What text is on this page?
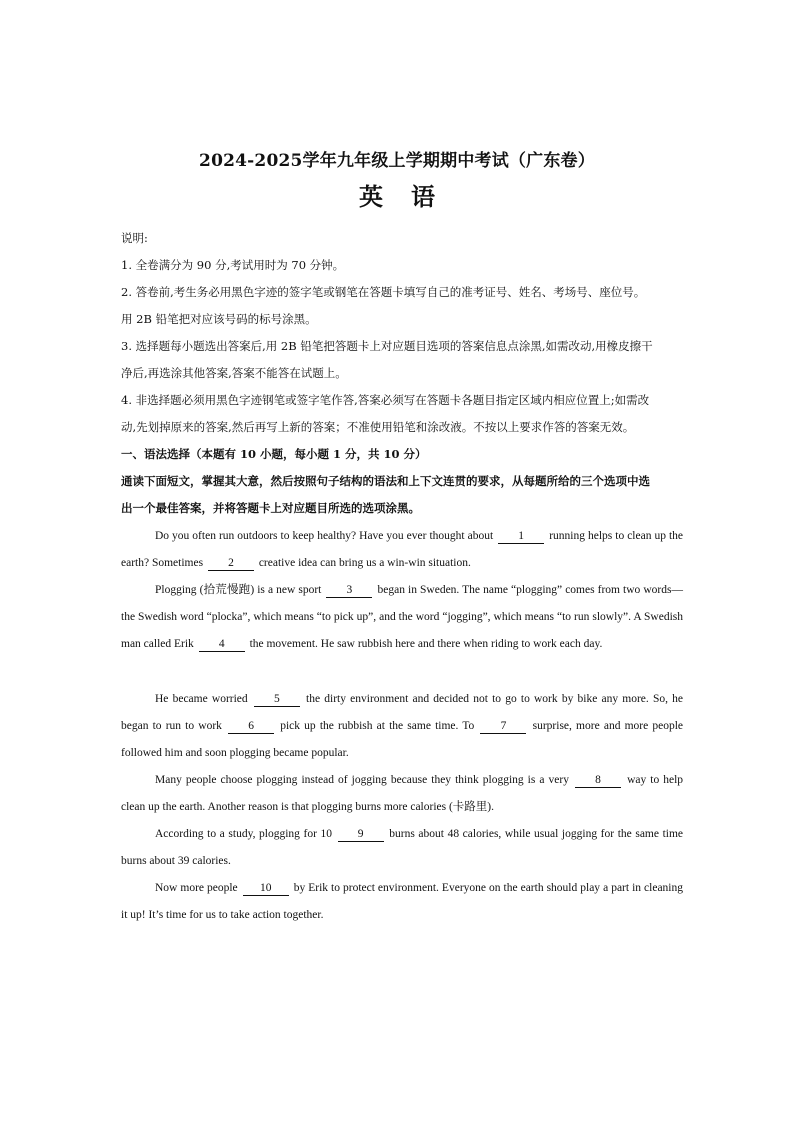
2024-2025学年九年级上学期期中考试（广东卷）
英语
说明:
1. 全卷满分为 90 分,考试用时为 70 分钟。
2. 答卷前,考生务必用黑色字迹的签字笔或钢笔在答题卡填写自己的准考证号、姓名、考场号、座位号。
用 2B 铅笔把对应该号码的标号涂黑。
3. 选择题每小题选出答案后,用 2B 铅笔把答题卡上对应题目选项的答案信息点涂黑,如需改动,用橡皮擦干
净后,再选涂其他答案,答案不能答在试题上。
4. 非选择题必须用黑色字迹钢笔或签字笔作答,答案必须写在答题卡各题目指定区域内相应位置上;如需改
动,先划掉原来的答案,然后再写上新的答案；不准使用铅笔和涂改液。不按以上要求作答的答案无效。
一、语法选择（本题有 10 小题，每小题 1 分，共 10 分）
通读下面短文，掌握其大意，然后按照句子结构的语法和上下文连贯的要求，从每题所给的三个选项中选
出一个最佳答案，并将答题卡上对应题目所选的选项涂黑。
Do you often run outdoors to keep healthy? Have you ever thought about 1 running helps to clean up the earth? Sometimes 2 creative idea can bring us a win-win situation.
Plogging (拾荒慢跑) is a new sport 3 began in Sweden. The name “plogging” comes from two words—the Swedish word “plocka”, which means “to pick up”, and the word “jogging”, which means “to run slowly”. A Swedish man called Erik 4 the movement. He saw rubbish here and there when riding to work each day.
He became worried 5 the dirty environment and decided not to go to work by bike any more. So, he began to run to work 6 pick up the rubbish at the same time. To 7 surprise, more and more people followed him and soon plogging became popular.
Many people choose plogging instead of jogging because they think plogging is a very 8 way to help clean up the earth. Another reason is that plogging burns more calories (卡路里).
According to a study, plogging for 10 9 burns about 48 calories, while usual jogging for the same time burns about 39 calories.
Now more people 10 by Erik to protect environment. Everyone on the earth should play a part in cleaning it up! It’s time for us to take action together.
